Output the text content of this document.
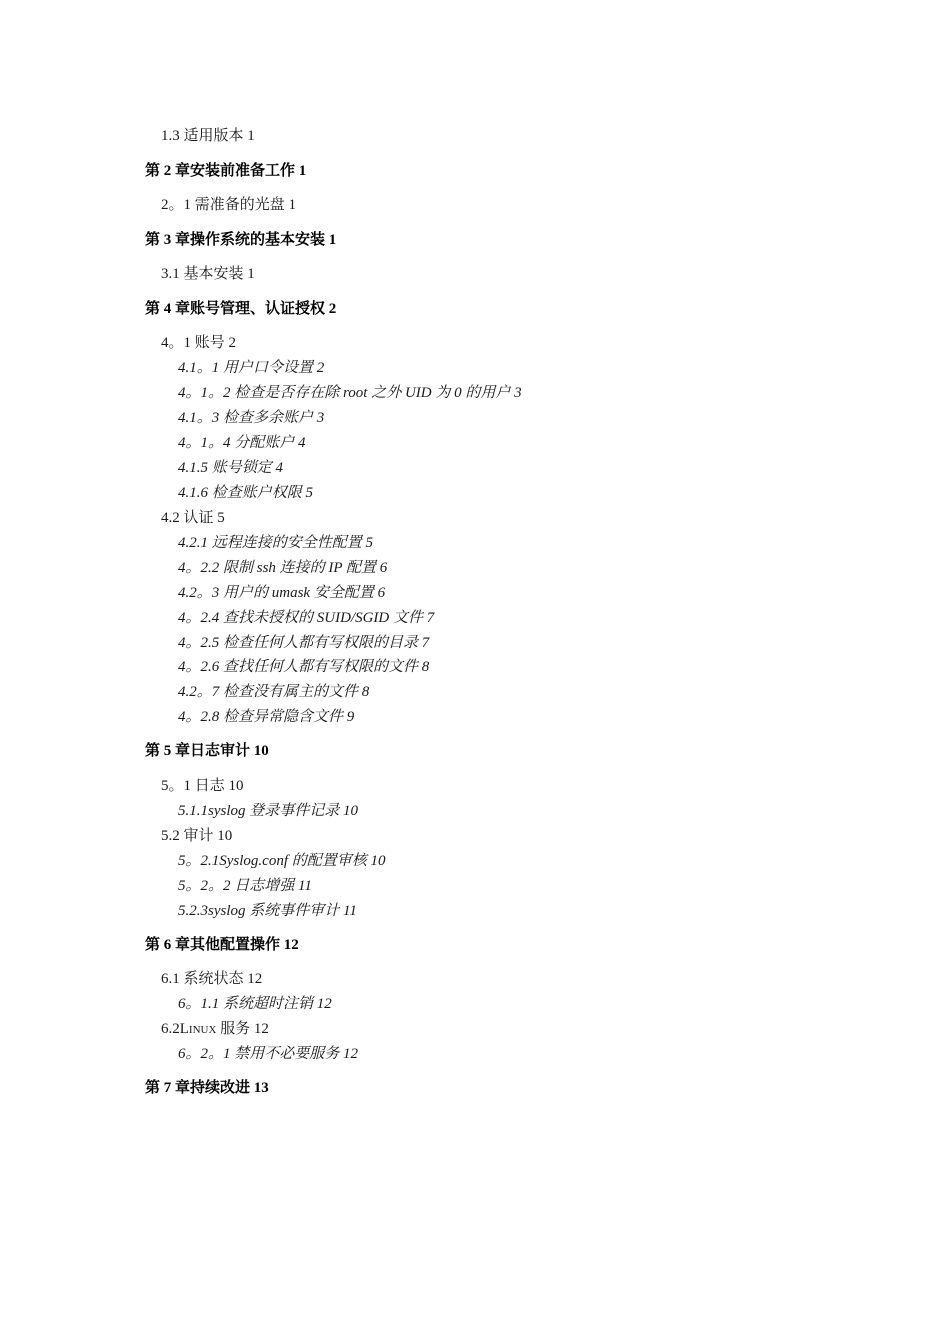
1.3 适用版本 1
第 2 章安装前准备工作 1
2。1 需准备的光盘 1
第 3 章操作系统的基本安装 1
3.1 基本安装 1
第 4 章账号管理、认证授权 2
4。1 账号 2
4.1。1 用户口令设置 2
4。1。2 检查是否存在除 root 之外 UID 为 0 的用户 3
4.1。3 检查多余账户 3
4。1。4 分配账户 4
4.1.5 账号锁定 4
4.1.6 检查账户权限 5
4.2 认证 5
4.2.1 远程连接的安全性配置 5
4。2.2 限制 ssh 连接的 IP 配置 6
4.2。3 用户的 umask 安全配置 6
4。2.4 查找未授权的 SUID/SGID 文件 7
4。2.5 检查任何人都有写权限的目录 7
4。2.6 查找任何人都有写权限的文件 8
4.2。7 检查没有属主的文件 8
4。2.8 检查异常隐含文件 9
第 5 章日志审计 10
5。1 日志 10
5.1.1syslog 登录事件记录 10
5.2 审计 10
5。2.1Syslog.conf 的配置审核 10
5。2。2 日志增强 11
5.2.3syslog 系统事件审计 11
第 6 章其他配置操作 12
6.1 系统状态 12
6。1.1 系统超时注销 12
6.2Linux 服务 12
6。2。1 禁用不必要服务 12
第 7 章持续改进 13
